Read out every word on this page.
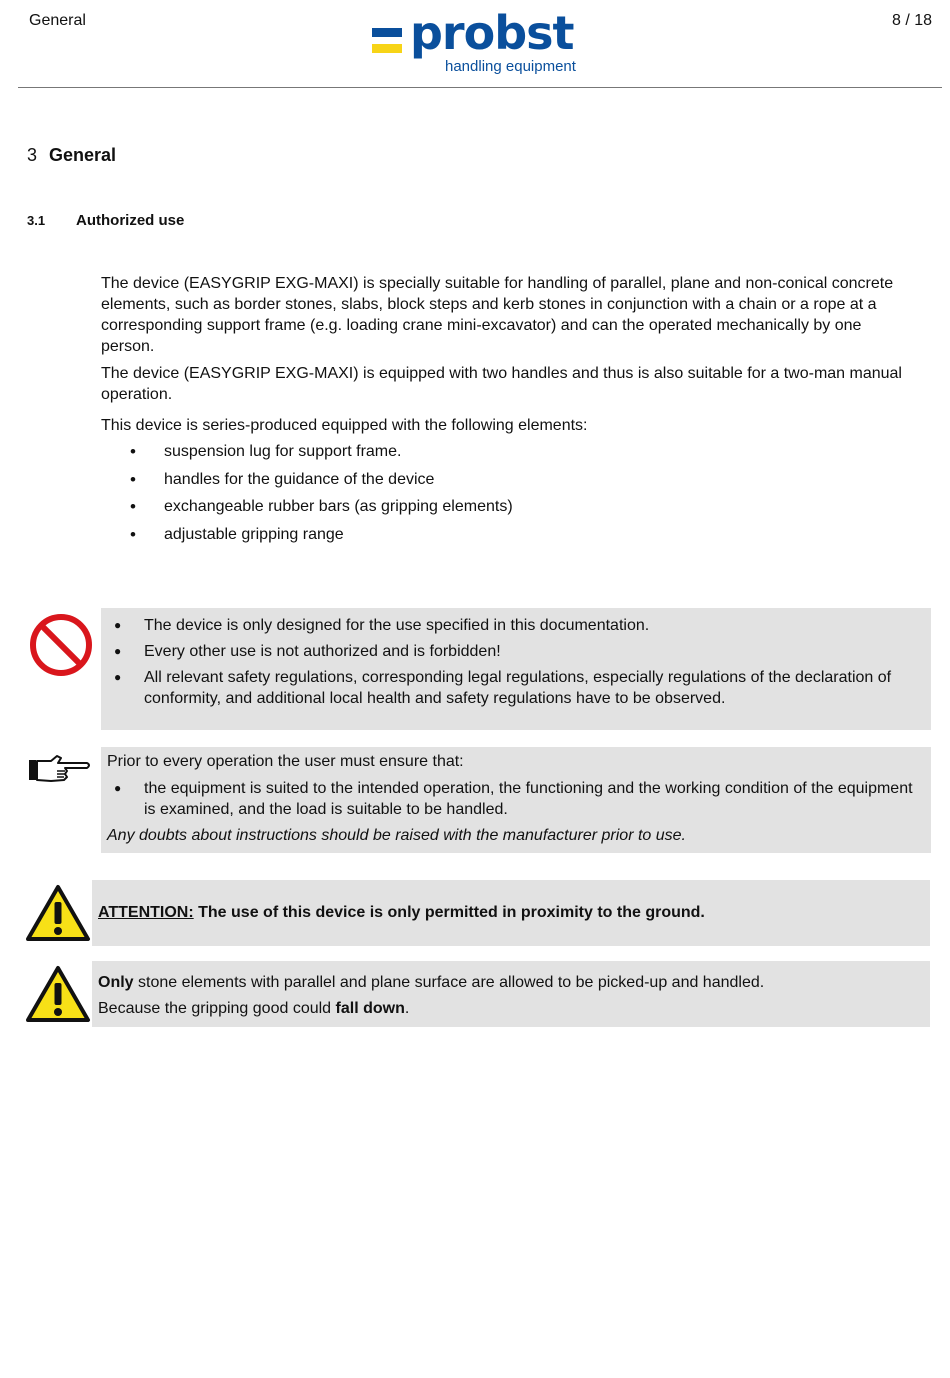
General	probst
handling equipment
8 / 18
3 General
3.1 Authorized use
The device (EASYGRIP EXG-MAXI) is specially suitable for handling of parallel, plane and non-conical concrete elements, such as border stones, slabs, block steps and kerb stones in conjunction with a chain or a rope at a corresponding support frame (e.g. loading crane mini-excavator) and can the operated mechanically by one person.
The device (EASYGRIP EXG-MAXI) is equipped with two handles and thus is also suitable for a two-man manual operation.
This device is series-produced equipped with the following elements:
• suspension lug for support frame.
• handles for the guidance of the device
• exchangeable rubber bars (as gripping elements)
• adjustable gripping range
● The device is only designed for the use specified in this documentation.
● Every other use is not authorized and is forbidden!
● All relevant safety regulations, corresponding legal regulations, especially regulations of the declaration of conformity, and additional local health and safety regulations have to be observed.
Prior to every operation the user must ensure that:
● the equipment is suited to the intended operation, the functioning and the working condition of the equipment is examined, and the load is suitable to be handled.
Any doubts about instructions should be raised with the manufacturer prior to use.
ATTENTION: The use of this device is only permitted in proximity to the ground.
Only stone elements with parallel and plane surface are allowed to be picked-up and handled.
Because the gripping good could fall down.
